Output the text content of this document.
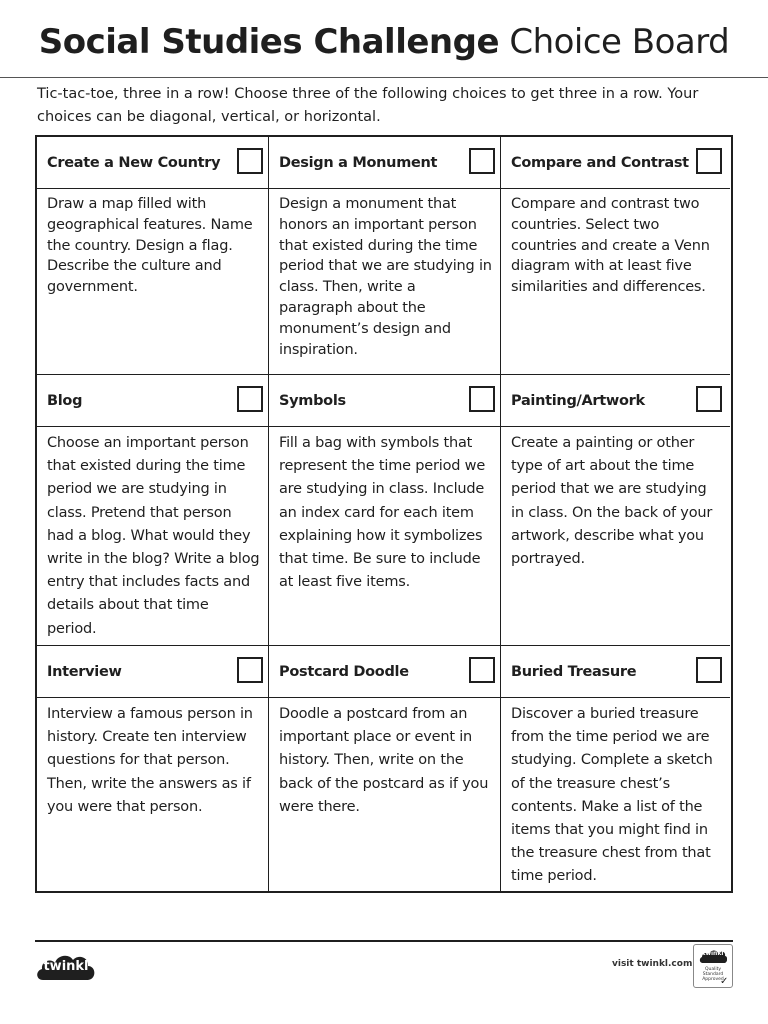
Social Studies Challenge Choice Board
Tic-tac-toe, three in a row! Choose three of the following choices to get three in a row. Your choices can be diagonal, vertical, or horizontal.
Create a New Country	Design a Monument	Compare and Contrast
Draw a map filled with geographical features. Name the country. Design a flag. Describe the culture and government.
Design a monument that honors an important person that existed during the time period that we are studying in class. Then, write a paragraph about the monument’s design and inspiration.
Compare and contrast two countries. Select two countries and create a Venn diagram with at least five similarities and differences.
Blog	Symbols	Painting/Artwork
Choose an important person that existed during the time period we are studying in class. Pretend that person had a blog. What would they write in the blog? Write a blog entry that includes facts and details about that time period.
Fill a bag with symbols that represent the time period we are studying in class. Include an index card for each item explaining how it symbolizes that time. Be sure to include at least five items.
Create a painting or other type of art about the time period that we are studying in class. On the back of your artwork, describe what you portrayed.
Interview	Postcard Doodle	Buried Treasure
Interview a famous person in history. Create ten interview questions for that person. Then, write the answers as if you were that person.
Doodle a postcard from an important place or event in history. Then, write on the back of the postcard as if you were there.
Discover a buried treasure from the time period we are studying. Complete a sketch of the treasure chest’s contents. Make a list of the items that you might find in the treasure chest from that time period.
twinkl	visit twinkl.com
twinkl
Quality Standard Approved
✓
